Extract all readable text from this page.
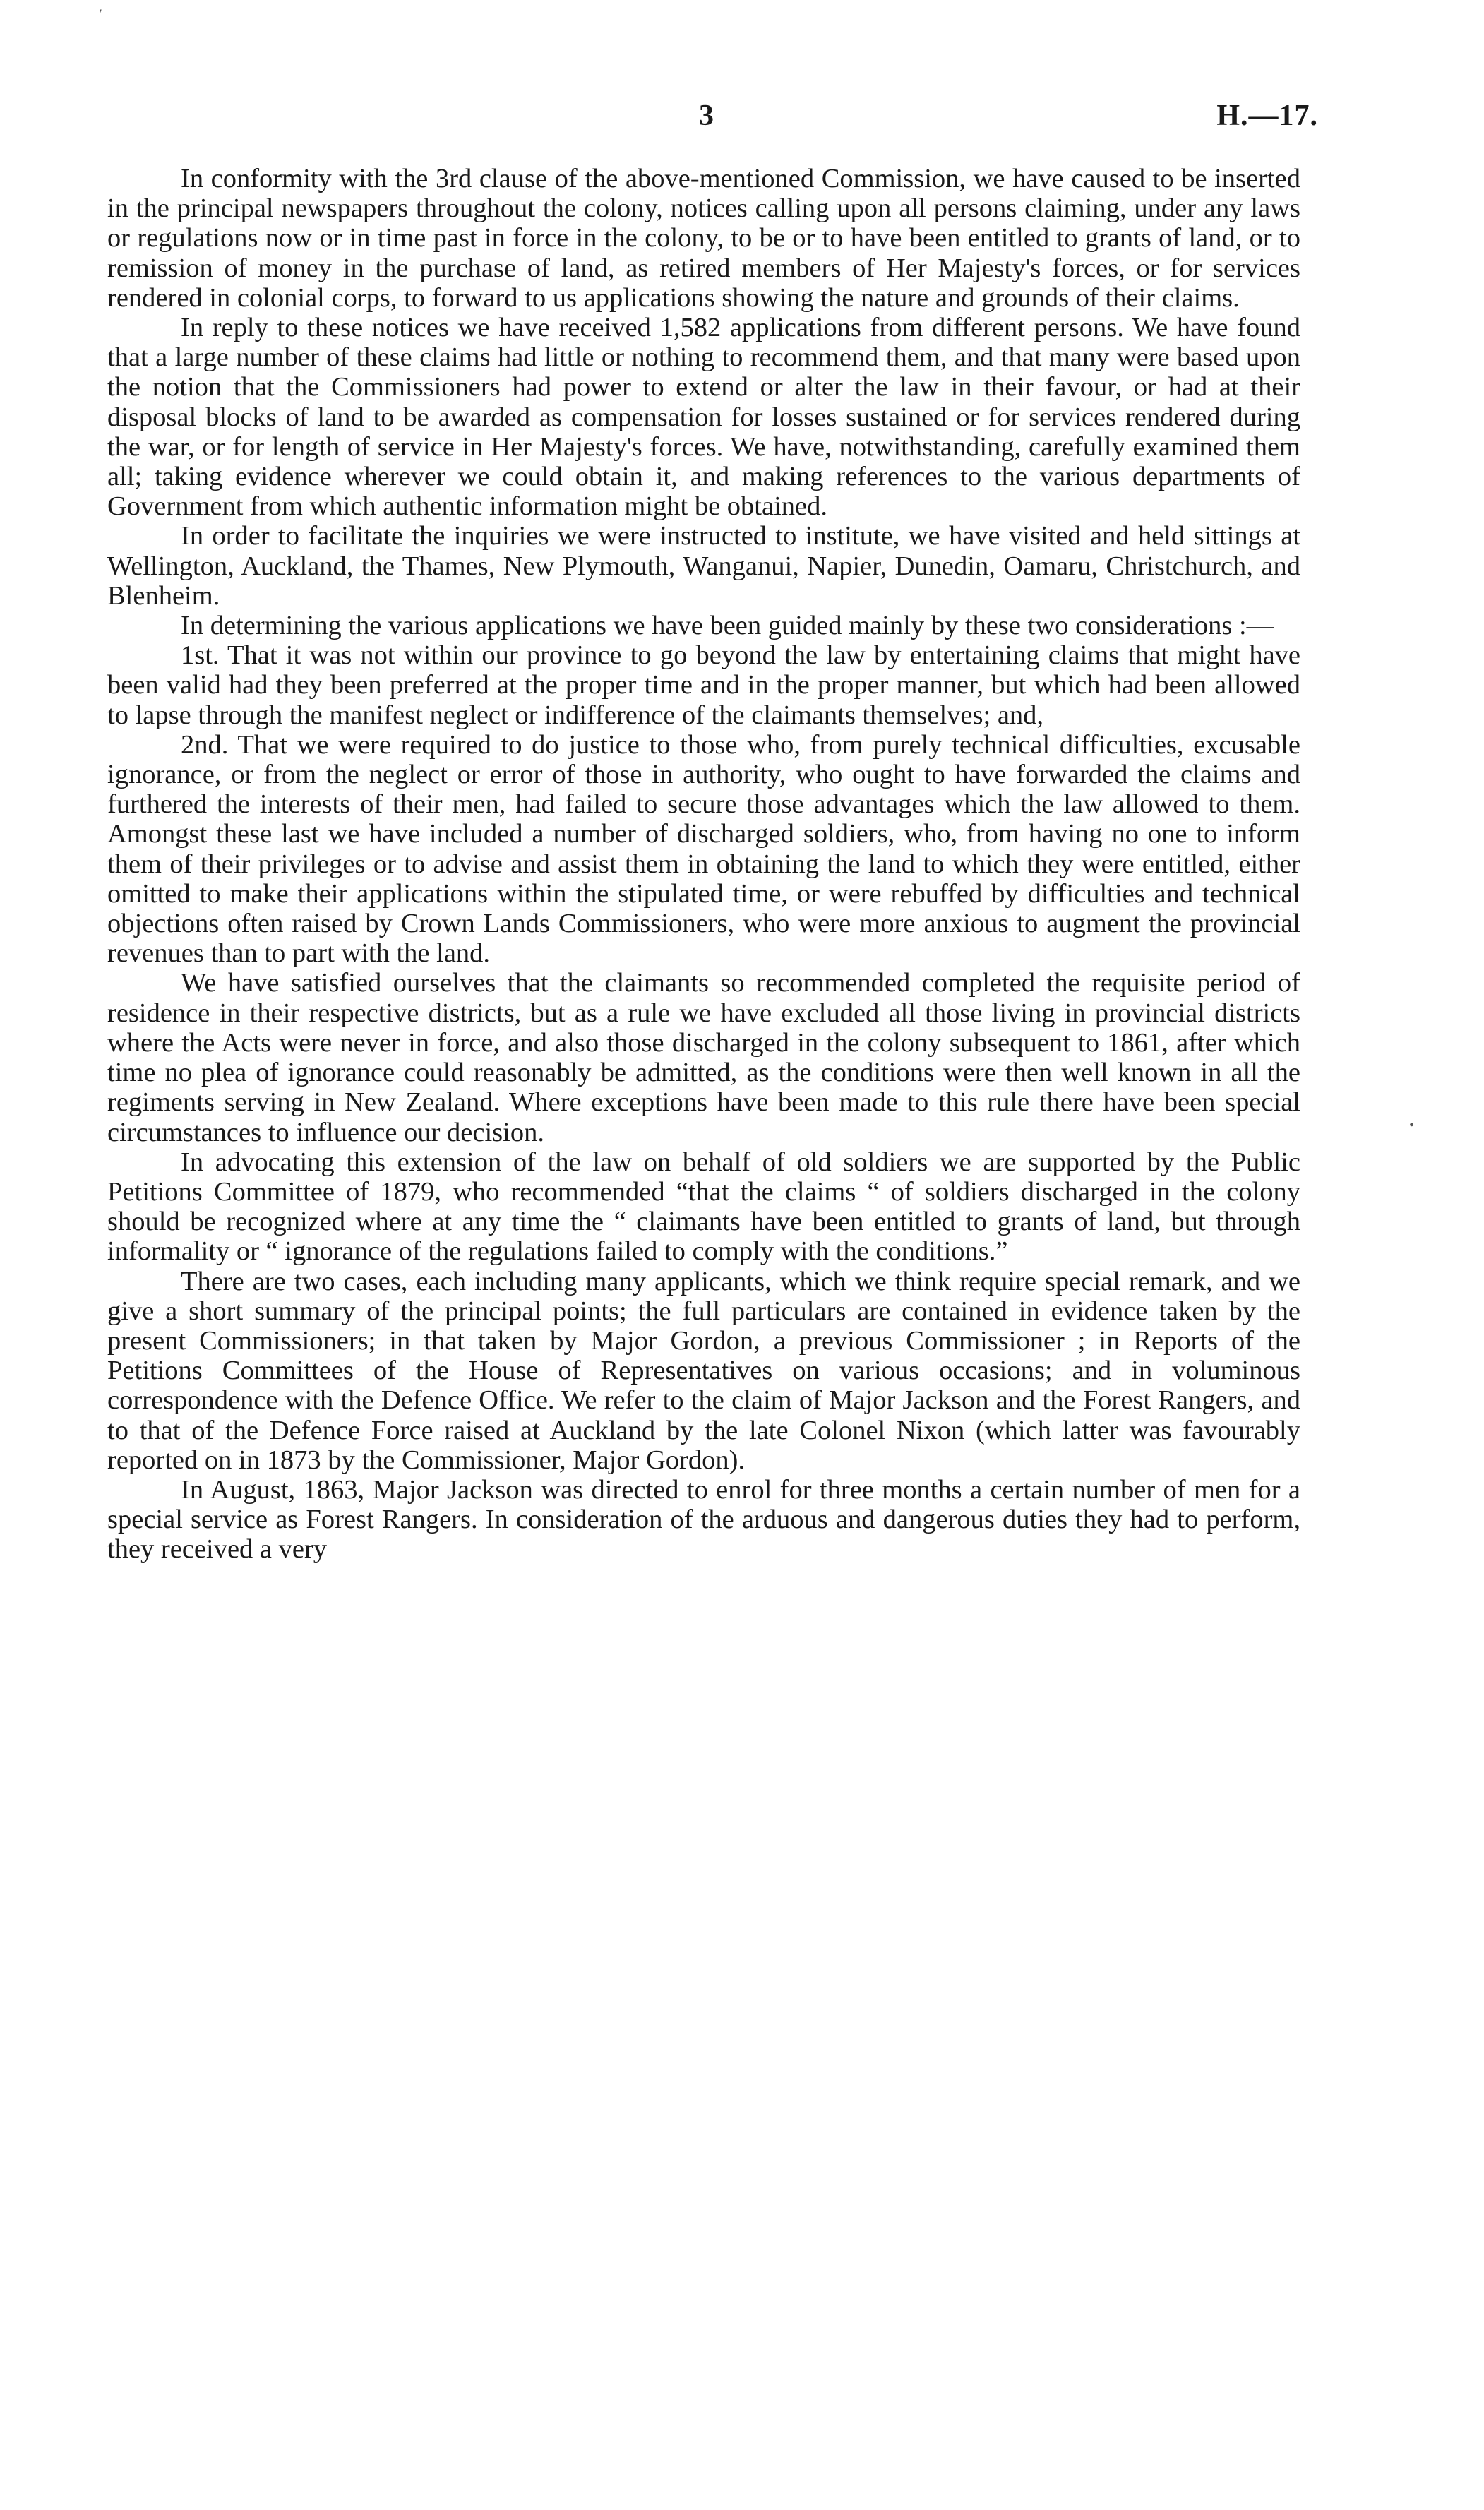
3	H.—17.
′
•

In conformity with the 3rd clause of the above-mentioned Commission, we have caused to be inserted in the principal newspapers throughout the colony, notices calling upon all persons claiming, under any laws or regulations now or in time past in force in the colony, to be or to have been entitled to grants of land, or to remission of money in the purchase of land, as retired members of Her Majesty's forces, or for services rendered in colonial corps, to forward to us applications showing the nature and grounds of their claims.

In reply to these notices we have received 1,582 applications from different persons. We have found that a large number of these claims had little or nothing to recommend them, and that many were based upon the notion that the Commissioners had power to extend or alter the law in their favour, or had at their disposal blocks of land to be awarded as compensation for losses sustained or for services rendered during the war, or for length of service in Her Majesty's forces. We have, notwithstanding, carefully examined them all; taking evidence wherever we could obtain it, and making references to the various departments of Government from which authentic information might be obtained.

In order to facilitate the inquiries we were instructed to institute, we have visited and held sittings at Wellington, Auckland, the Thames, New Plymouth, Wanganui, Napier, Dunedin, Oamaru, Christchurch, and Blenheim.

In determining the various applications we have been guided mainly by these two considerations :—

1st. That it was not within our province to go beyond the law by entertaining claims that might have been valid had they been preferred at the proper time and in the proper manner, but which had been allowed to lapse through the manifest neglect or indifference of the claimants themselves; and,

2nd. That we were required to do justice to those who, from purely technical difficulties, excusable ignorance, or from the neglect or error of those in authority, who ought to have forwarded the claims and furthered the interests of their men, had failed to secure those advantages which the law allowed to them. Amongst these last we have included a number of discharged soldiers, who, from having no one to inform them of their privileges or to advise and assist them in obtaining the land to which they were entitled, either omitted to make their applications within the stipulated time, or were rebuffed by difficulties and technical objections often raised by Crown Lands Commissioners, who were more anxious to augment the provincial revenues than to part with the land.

We have satisfied ourselves that the claimants so recommended completed the requisite period of residence in their respective districts, but as a rule we have excluded all those living in provincial districts where the Acts were never in force, and also those discharged in the colony subsequent to 1861, after which time no plea of ignorance could reasonably be admitted, as the conditions were then well known in all the regiments serving in New Zealand. Where exceptions have been made to this rule there have been special circumstances to influence our decision.

In advocating this extension of the law on behalf of old soldiers we are supported by the Public Petitions Committee of 1879, who recommended “that the claims “ of soldiers discharged in the colony should be recognized where at any time the “ claimants have been entitled to grants of land, but through informality or “ ignorance of the regulations failed to comply with the conditions.”

There are two cases, each including many applicants, which we think require special remark, and we give a short summary of the principal points; the full particulars are contained in evidence taken by the present Commissioners; in that taken by Major Gordon, a previous Commissioner ; in Reports of the Petitions Committees of the House of Representatives on various occasions; and in voluminous correspondence with the Defence Office. We refer to the claim of Major Jackson and the Forest Rangers, and to that of the Defence Force raised at Auckland by the late Colonel Nixon (which latter was favourably reported on in 1873 by the Commissioner, Major Gordon).

In August, 1863, Major Jackson was directed to enrol for three months a certain number of men for a special service as Forest Rangers. In consideration of the arduous and dangerous duties they had to perform, they received a very
